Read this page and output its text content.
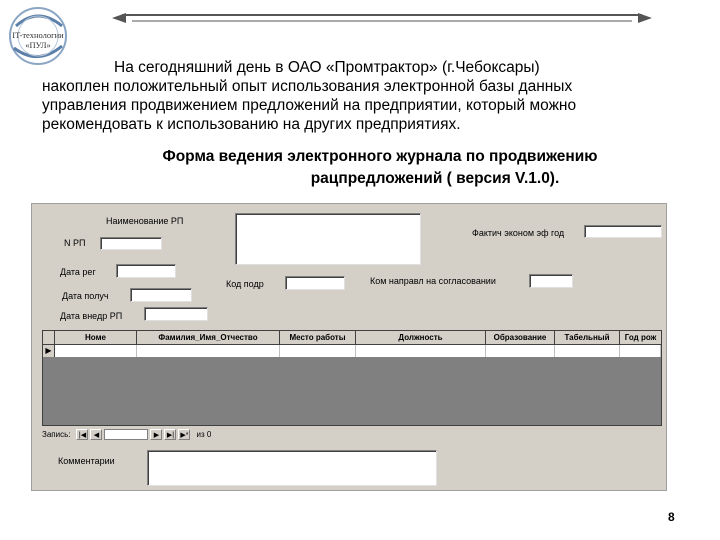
IT-технологии «ПУЛ»
На сегодняшний день в ОАО «Промтрактор» (г.Чебоксары)
накоплен положительный опыт использования электронной базы данных
управления продвижением предложений на предприятии, который можно
рекомендовать к использованию на других предприятиях.
Форма ведения электронного журнала по продвижению
рацпредложений ( версия V.1.0).
Наименование РП
N РП
Фактич эконом эф год
Дата рег
Код подр	Ком направл на согласовании
Дата получ
Дата внедр РП
Номе	Фамилия_Имя_Отчество	Место работы	Должность	Образование	Табельный	Год рож
▶
Запись:	|◀	◀	▶	▶| ▶* из 0
Комментарии
8
